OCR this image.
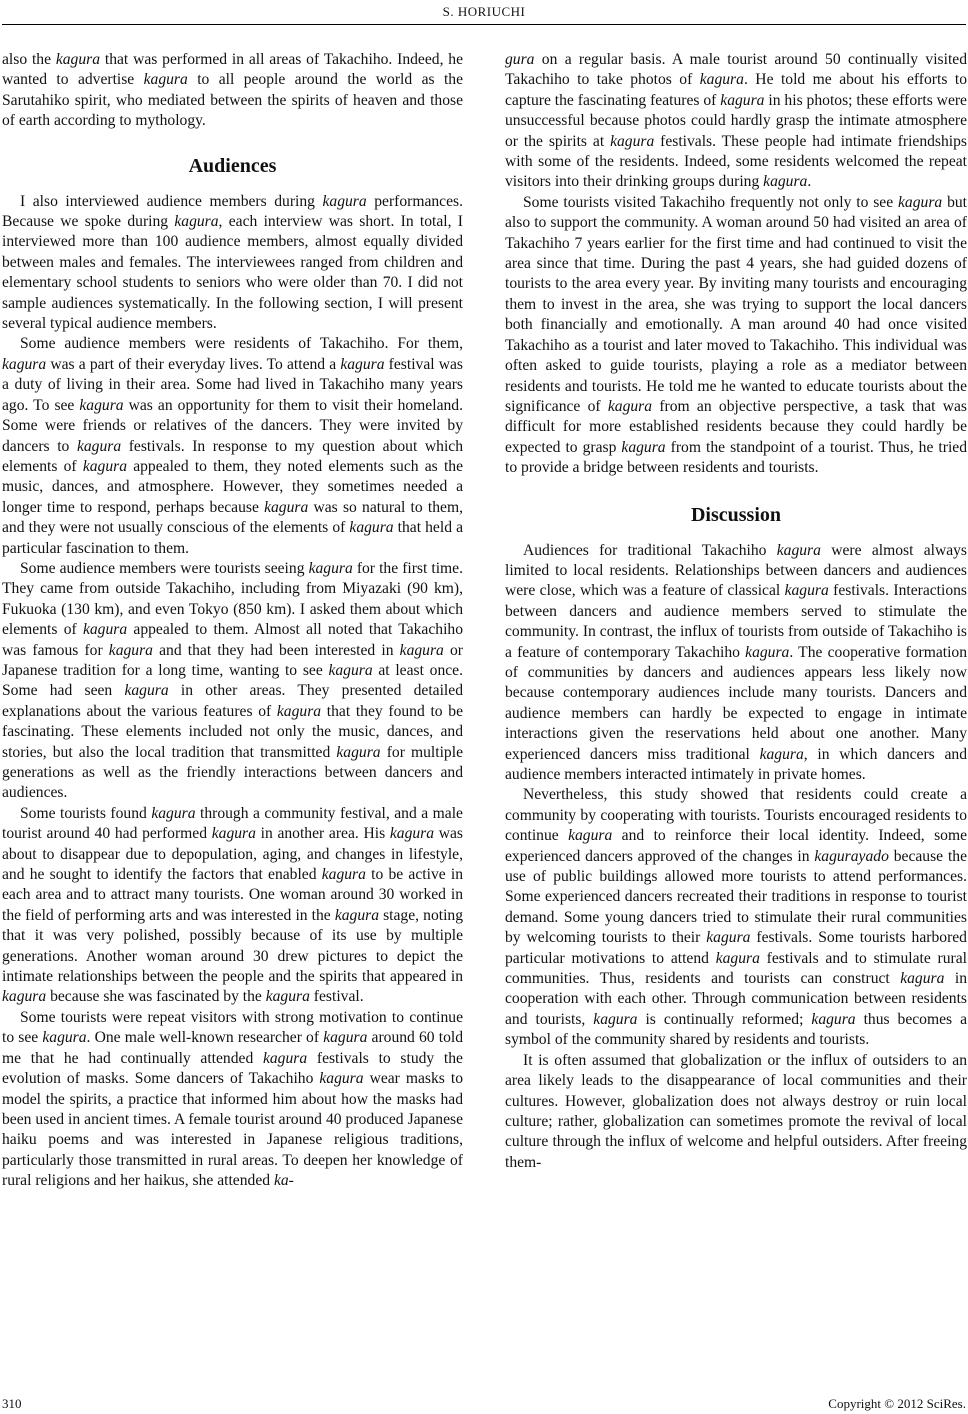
S. HORIUCHI

also the kagura that was performed in all areas of Takachiho. Indeed, he wanted to advertise kagura to all people around the world as the Sarutahiko spirit, who mediated between the spirits of heaven and those of earth according to mythology.

Audiences

I also interviewed audience members during kagura performances. Because we spoke during kagura, each interview was short. In total, I interviewed more than 100 audience members, almost equally divided between males and females. The interviewees ranged from children and elementary school students to seniors who were older than 70. I did not sample audiences systematically. In the following section, I will present several typical audience members.

Some audience members were residents of Takachiho. For them, kagura was a part of their everyday lives. To attend a kagura festival was a duty of living in their area. Some had lived in Takachiho many years ago. To see kagura was an opportunity for them to visit their homeland. Some were friends or relatives of the dancers. They were invited by dancers to kagura festivals. In response to my question about which elements of kagura appealed to them, they noted elements such as the music, dances, and atmosphere. However, they sometimes needed a longer time to respond, perhaps because kagura was so natural to them, and they were not usually conscious of the elements of kagura that held a particular fascination to them.

Some audience members were tourists seeing kagura for the first time. They came from outside Takachiho, including from Miyazaki (90 km), Fukuoka (130 km), and even Tokyo (850 km). I asked them about which elements of kagura appealed to them. Almost all noted that Takachiho was famous for kagura and that they had been interested in kagura or Japanese tradition for a long time, wanting to see kagura at least once. Some had seen kagura in other areas. They presented detailed explanations about the various features of kagura that they found to be fascinating. These elements included not only the music, dances, and stories, but also the local tradition that transmitted kagura for multiple generations as well as the friendly interactions between dancers and audiences.

Some tourists found kagura through a community festival, and a male tourist around 40 had performed kagura in another area. His kagura was about to disappear due to depopulation, aging, and changes in lifestyle, and he sought to identify the factors that enabled kagura to be active in each area and to attract many tourists. One woman around 30 worked in the field of performing arts and was interested in the kagura stage, noting that it was very polished, possibly because of its use by multiple generations. Another woman around 30 drew pictures to depict the intimate relationships between the people and the spirits that appeared in kagura because she was fascinated by the kagura festival.

Some tourists were repeat visitors with strong motivation to continue to see kagura. One male well-known researcher of kagura around 60 told me that he had continually attended kagura festivals to study the evolution of masks. Some dancers of Takachiho kagura wear masks to model the spirits, a practice that informed him about how the masks had been used in ancient times. A female tourist around 40 produced Japanese haiku poems and was interested in Japanese religious traditions, particularly those transmitted in rural areas. To deepen her knowledge of rural religions and her haikus, she attended ka-

gura on a regular basis. A male tourist around 50 continually visited Takachiho to take photos of kagura. He told me about his efforts to capture the fascinating features of kagura in his photos; these efforts were unsuccessful because photos could hardly grasp the intimate atmosphere or the spirits at kagura festivals. These people had intimate friendships with some of the residents. Indeed, some residents welcomed the repeat visitors into their drinking groups during kagura.

Some tourists visited Takachiho frequently not only to see kagura but also to support the community. A woman around 50 had visited an area of Takachiho 7 years earlier for the first time and had continued to visit the area since that time. During the past 4 years, she had guided dozens of tourists to the area every year. By inviting many tourists and encouraging them to invest in the area, she was trying to support the local dancers both financially and emotionally. A man around 40 had once visited Takachiho as a tourist and later moved to Takachiho. This individual was often asked to guide tourists, playing a role as a mediator between residents and tourists. He told me he wanted to educate tourists about the significance of kagura from an objective perspective, a task that was difficult for more established residents because they could hardly be expected to grasp kagura from the standpoint of a tourist. Thus, he tried to provide a bridge between residents and tourists.

Discussion

Audiences for traditional Takachiho kagura were almost always limited to local residents. Relationships between dancers and audiences were close, which was a feature of classical kagura festivals. Interactions between dancers and audience members served to stimulate the community. In contrast, the influx of tourists from outside of Takachiho is a feature of contemporary Takachiho kagura. The cooperative formation of communities by dancers and audiences appears less likely now because contemporary audiences include many tourists. Dancers and audience members can hardly be expected to engage in intimate interactions given the reservations held about one another. Many experienced dancers miss traditional kagura, in which dancers and audience members interacted intimately in private homes.

Nevertheless, this study showed that residents could create a community by cooperating with tourists. Tourists encouraged residents to continue kagura and to reinforce their local identity. Indeed, some experienced dancers approved of the changes in kagurayado because the use of public buildings allowed more tourists to attend performances. Some experienced dancers recreated their traditions in response to tourist demand. Some young dancers tried to stimulate their rural communities by welcoming tourists to their kagura festivals. Some tourists harbored particular motivations to attend kagura festivals and to stimulate rural communities. Thus, residents and tourists can construct kagura in cooperation with each other. Through communication between residents and tourists, kagura is continually reformed; kagura thus becomes a symbol of the community shared by residents and tourists.

It is often assumed that globalization or the influx of outsiders to an area likely leads to the disappearance of local communities and their cultures. However, globalization does not always destroy or ruin local culture; rather, globalization can sometimes promote the revival of local culture through the influx of welcome and helpful outsiders. After freeing them-

310	Copyright © 2012 SciRes.
